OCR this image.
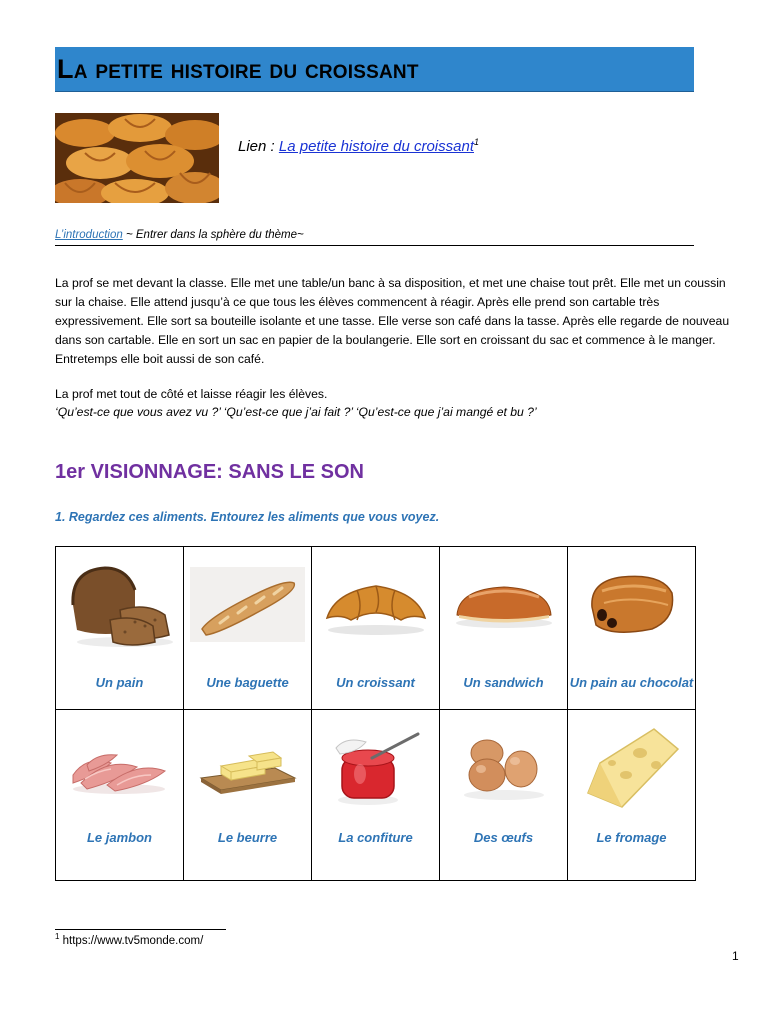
La petite histoire du croissant
Lien : La petite histoire du croissant$^1$
L’introduction ~ Entrer dans la sphère du thème~
La prof se met devant la classe. Elle met une table/un banc à sa disposition, et met une chaise tout prêt. Elle met un coussin sur la chaise. Elle attend jusqu’à ce que tous les élèves commencent à réagir. Après elle prend son cartable très expressivement. Elle sort sa bouteille isolante et une tasse. Elle verse son café dans la tasse. Après elle regarde de nouveau dans son cartable. Elle en sort un sac en papier de la boulangerie. Elle sort en croissant du sac et commence à le manger. Entretemps elle boit aussi de son café.
La prof met tout de côté et laisse réagir les élèves.
‘Qu’est-ce que vous avez vu ?’ ‘Qu’est-ce que j’ai fait ?’ ‘Qu’est-ce que j’ai mangé et bu ?’
1er VISIONNAGE: SANS LE SON
1. Regardez ces aliments. Entourez les aliments que vous voyez.
Un pain	Une baguette	Un croissant	Un sandwich	Un pain au chocolat

Le jambon	Le beurre	La confiture	Des œufs	Le fromage
$^1$ https://www.tv5monde.com/
1
